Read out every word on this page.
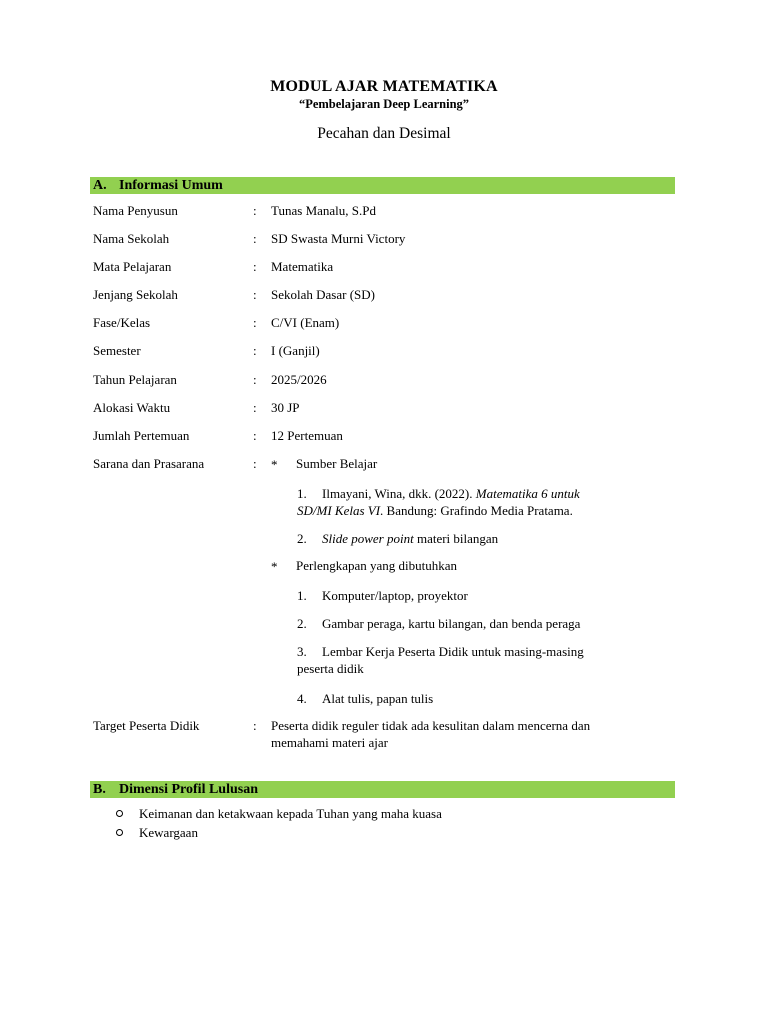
MODUL AJAR MATEMATIKA
“Pembelajaran Deep Learning”
Pecahan dan Desimal
A. Informasi Umum
Nama Penyusun	: Tunas Manalu, S.Pd
Nama Sekolah	: SD Swasta Murni Victory
Mata Pelajaran	: Matematika
Jenjang Sekolah	: Sekolah Dasar (SD)
Fase/Kelas	: C/VI (Enam)
Semester	: I (Ganjil)
Tahun Pelajaran	: 2025/2026
Alokasi Waktu	: 30 JP
Jumlah Pertemuan	: 12 Pertemuan
Sarana dan Prasarana	: * Sumber Belajar
1. Ilmayani, Wina, dkk. (2022). Matematika 6 untuk
SD/MI Kelas VI. Bandung: Grafindo Media Pratama.
2. Slide power point materi bilangan
* Perlengkapan yang dibutuhkan
1. Komputer/laptop, proyektor
2. Gambar peraga, kartu bilangan, dan benda peraga
3. Lembar Kerja Peserta Didik untuk masing-masing
peserta didik
4. Alat tulis, papan tulis
Target Peserta Didik	: Peserta didik reguler tidak ada kesulitan dalam mencerna dan
memahami materi ajar
B. Dimensi Profil Lulusan
Keimanan dan ketakwaan kepada Tuhan yang maha kuasa
Kewargaan
